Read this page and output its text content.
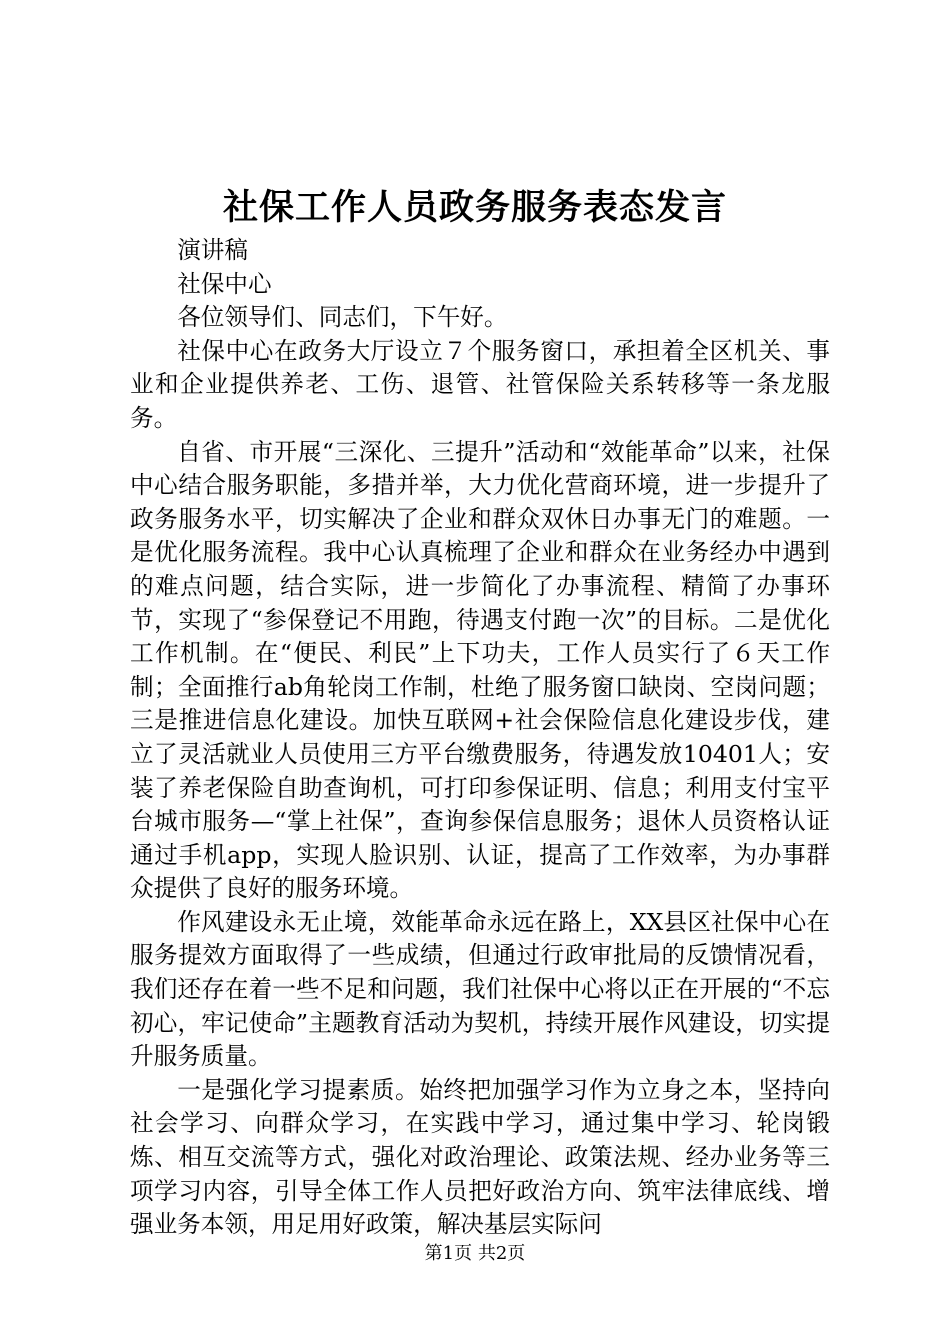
社保工作人员政务服务表态发言

演讲稿

社保中心

各位领导们、同志们，下午好。

社保中心在政务大厅设立７个服务窗口，承担着全区机关、事业和企业提供养老、工伤、退管、社管保险关系转移等一条龙服务。

自省、市开展“三深化、三提升”活动和“效能革命”以来，社保中心结合服务职能，多措并举，大力优化营商环境，进一步提升了政务服务水平，切实解决了企业和群众双休日办事无门的难题。一是优化服务流程。我中心认真梳理了企业和群众在业务经办中遇到的难点问题，结合实际，进一步简化了办事流程、精简了办事环节，实现了“参保登记不用跑，待遇支付跑一次”的目标。二是优化工作机制。在“便民、利民”上下功夫，工作人员实行了６天工作制；全面推行ab角轮岗工作制，杜绝了服务窗口缺岗、空岗问题；三是推进信息化建设。加快互联网+社会保险信息化建设步伐，建立了灵活就业人员使用三方平台缴费服务，待遇发放10401人；安装了养老保险自助查询机，可打印参保证明、信息；利用支付宝平台城市服务—“掌上社保”，查询参保信息服务；退休人员资格认证通过手机app，实现人脸识别、认证，提高了工作效率，为办事群众提供了良好的服务环境。

作风建设永无止境，效能革命永远在路上，XX县区社保中心在服务提效方面取得了一些成绩，但通过行政审批局的反馈情况看，我们还存在着一些不足和问题，我们社保中心将以正在开展的“不忘初心，牢记使命”主题教育活动为契机，持续开展作风建设，切实提升服务质量。

一是强化学习提素质。始终把加强学习作为立身之本，坚持向社会学习、向群众学习，在实践中学习，通过集中学习、轮岗锻炼、相互交流等方式，强化对政治理论、政策法规、经办业务等三项学习内容，引导全体工作人员把好政治方向、筑牢法律底线、增强业务本领，用足用好政策，解决基层实际问

第1页 共2页
